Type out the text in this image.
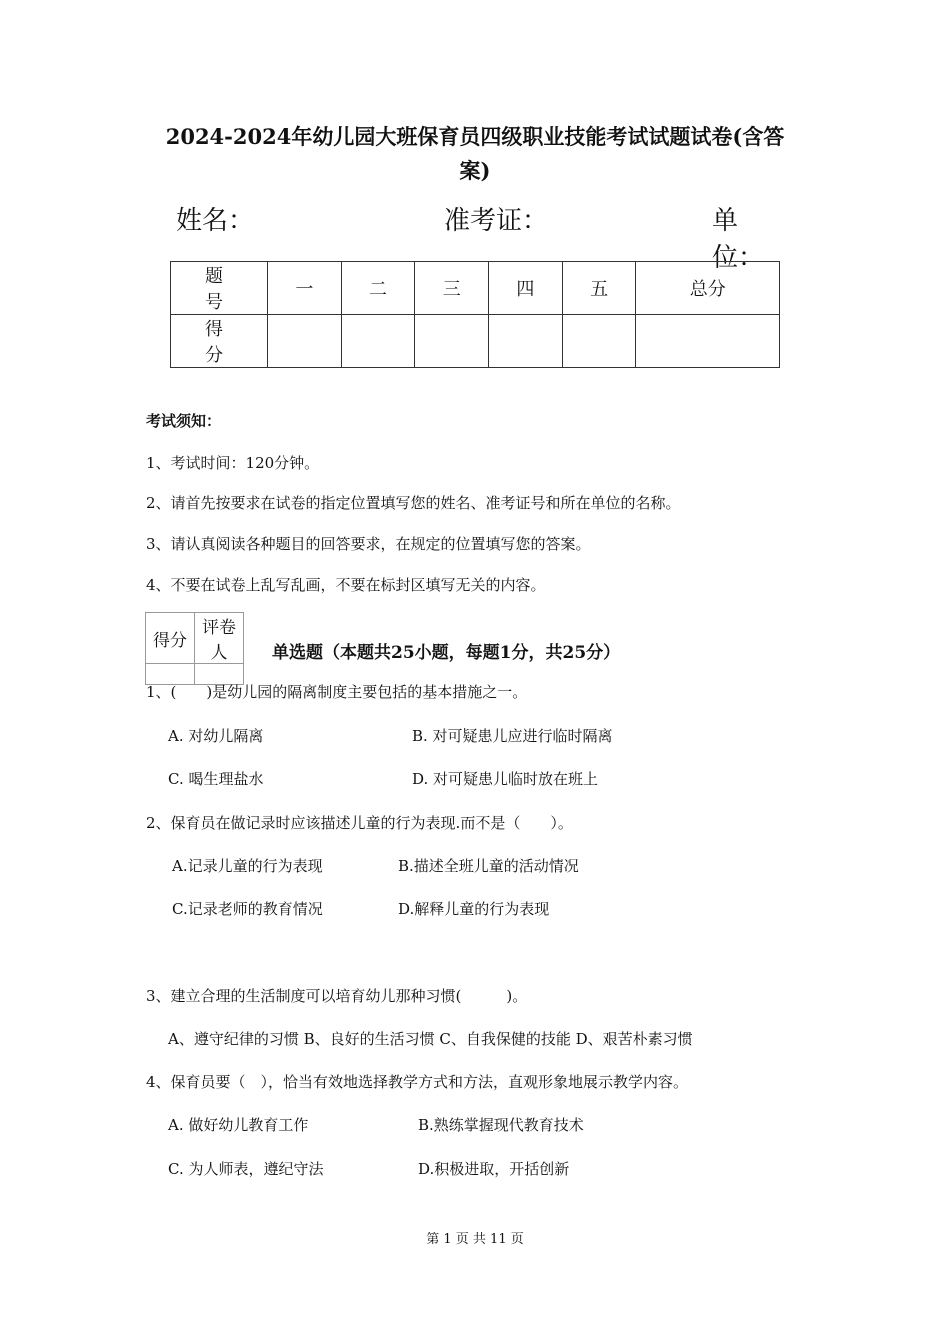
2024-2024年幼儿园大班保育员四级职业技能考试试题试卷(含答
案)
姓名：	准考证：	单位：
题 号	一	二	三	四	五	总分
得 分						
考试须知：
1、考试时间：120分钟。
2、请首先按要求在试卷的指定位置填写您的姓名、准考证号和所在单位的名称。
3、请认真阅读各种题目的回答要求，在规定的位置填写您的答案。
4、不要在试卷上乱写乱画，不要在标封区填写无关的内容。
得分	评卷人
		单选题（本题共25小题，每题1分，共25分）
1、(　　)是幼儿园的隔离制度主要包括的基本措施之一。
A. 对幼儿隔离	B. 对可疑患儿应进行临时隔离
C. 喝生理盐水	D. 对可疑患儿临时放在班上
2、保育员在做记录时应该描述儿童的行为表现.而不是（　　）。
A.记录儿童的行为表现	B.描述全班儿童的活动情况
C.记录老师的教育情况	D.解释儿童的行为表现
3、建立合理的生活制度可以培育幼儿那种习惯(　　　)。
A、遵守纪律的习惯 B、良好的生活习惯 C、自我保健的技能 D、艰苦朴素习惯
4、保育员要（　），恰当有效地选择教学方式和方法，直观形象地展示教学内容。
A. 做好幼儿教育工作	B.熟练掌握现代教育技术
C. 为人师表，遵纪守法	D.积极进取，开括创新
第 1 页 共 11 页
